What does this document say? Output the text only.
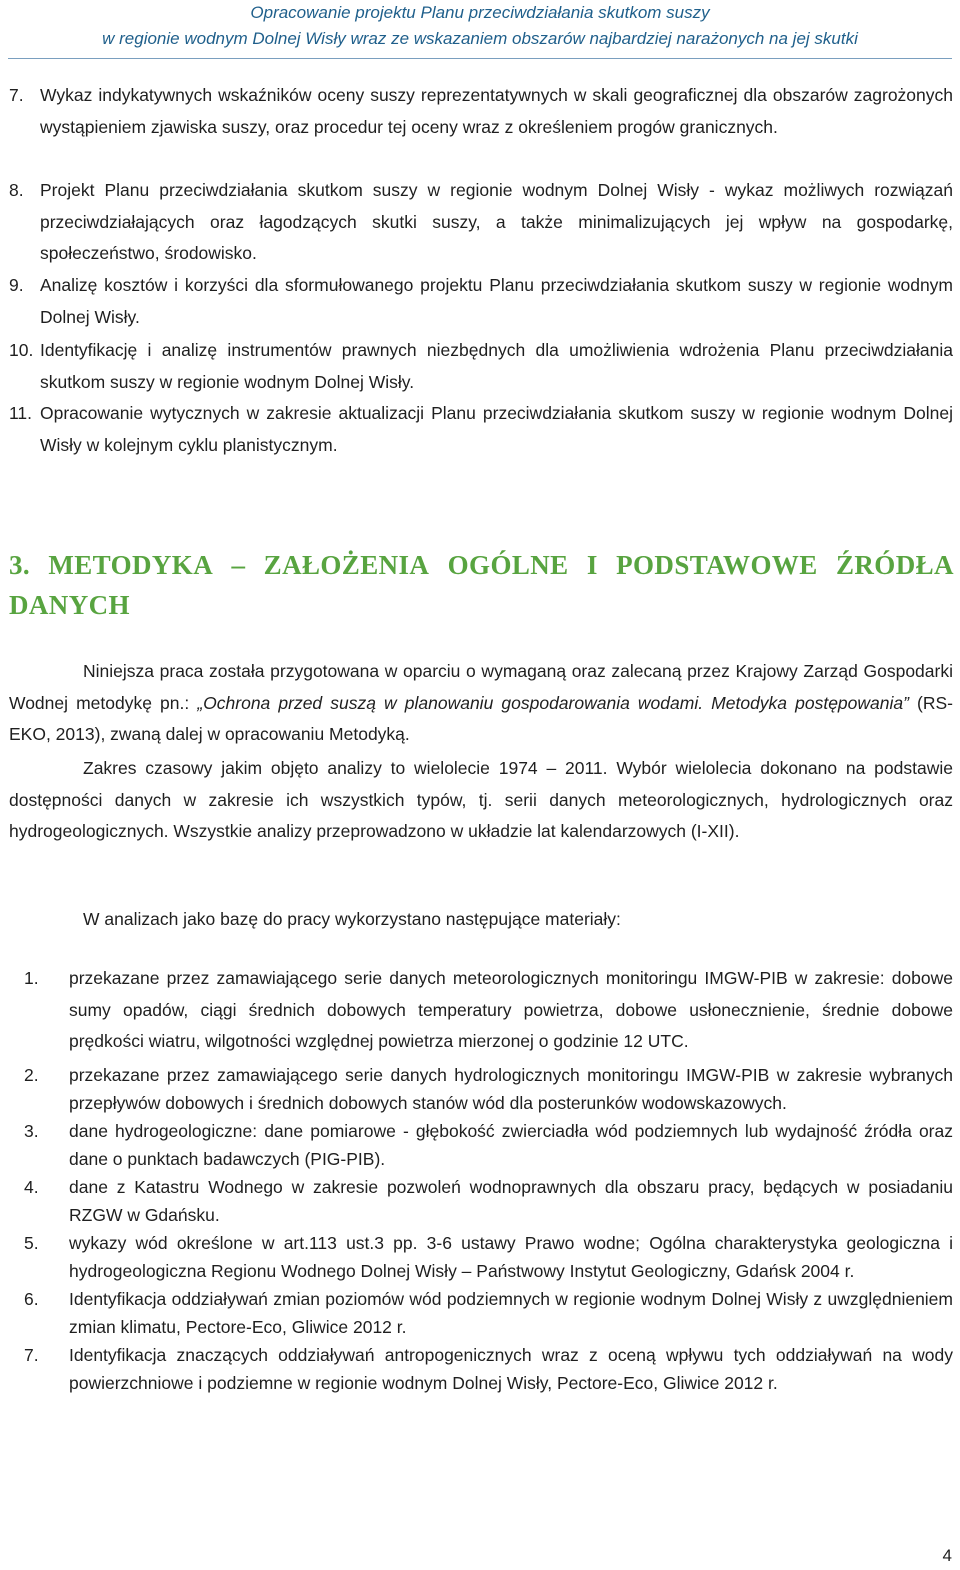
Opracowanie projektu Planu przeciwdziałania skutkom suszy
w regionie wodnym Dolnej Wisły wraz ze wskazaniem obszarów najbardziej narażonych na jej skutki
7. Wykaz indykatywnych wskaźników oceny suszy reprezentatywnych w skali geograficznej dla obszarów zagrożonych wystąpieniem zjawiska suszy, oraz procedur tej oceny wraz z określeniem progów granicznych.
8. Projekt Planu przeciwdziałania skutkom suszy w regionie wodnym Dolnej Wisły - wykaz możliwych rozwiązań przeciwdziałających oraz łagodzących skutki suszy, a także minimalizujących jej wpływ na gospodarkę, społeczeństwo, środowisko.
9. Analizę kosztów i korzyści dla sformułowanego projektu Planu przeciwdziałania skutkom suszy w regionie wodnym Dolnej Wisły.
10. Identyfikację i analizę instrumentów prawnych niezbędnych dla umożliwienia wdrożenia Planu przeciwdziałania skutkom suszy w regionie wodnym Dolnej Wisły.
11. Opracowanie wytycznych w zakresie aktualizacji Planu przeciwdziałania skutkom suszy w regionie wodnym Dolnej Wisły w kolejnym cyklu planistycznym.
3. METODYKA – ZAŁOŻENIA OGÓLNE I PODSTAWOWE ŹRÓDŁA
DANYCH

Niniejsza praca została przygotowana w oparciu o wymaganą oraz zalecaną przez Krajowy Zarząd Gospodarki Wodnej metodykę pn.: „Ochrona przed suszą w planowaniu gospodarowania wodami. Metodyka postępowania” (RS-EKO, 2013), zwaną dalej w opracowaniu Metodyką.

Zakres czasowy jakim objęto analizy to wielolecie 1974 – 2011. Wybór wielolecia dokonano na podstawie dostępności danych w zakresie ich wszystkich typów, tj. serii danych meteorologicznych, hydrologicznych oraz hydrogeologicznych. Wszystkie analizy przeprowadzono w układzie lat kalendarzowych (I-XII).

W analizach jako bazę do pracy wykorzystano następujące materiały:

1. przekazane przez zamawiającego serie danych meteorologicznych monitoringu IMGW-PIB w zakresie: dobowe sumy opadów, ciągi średnich dobowych temperatury powietrza, dobowe usłonecznienie, średnie dobowe prędkości wiatru, wilgotności względnej powietrza mierzonej o godzinie 12 UTC.
2. przekazane przez zamawiającego serie danych hydrologicznych monitoringu IMGW-PIB w zakresie wybranych przepływów dobowych i średnich dobowych stanów wód dla posterunków wodowskazowych.
3. dane hydrogeologiczne: dane pomiarowe - głębokość zwierciadła wód podziemnych lub wydajność źródła oraz dane o punktach badawczych (PIG-PIB).
4. dane z Katastru Wodnego w zakresie pozwoleń wodnoprawnych dla obszaru pracy, będących w posiadaniu RZGW w Gdańsku.
5. wykazy wód określone w art.113 ust.3 pp. 3-6 ustawy Prawo wodne; Ogólna charakterystyka geologiczna i hydrogeologiczna Regionu Wodnego Dolnej Wisły – Państwowy Instytut Geologiczny, Gdańsk 2004 r.
6. Identyfikacja oddziaływań zmian poziomów wód podziemnych w regionie wodnym Dolnej Wisły z uwzględnieniem zmian klimatu, Pectore-Eco, Gliwice 2012 r.
7. Identyfikacja znaczących oddziaływań antropogenicznych wraz z oceną wpływu tych oddziaływań na wody powierzchniowe i podziemne w regionie wodnym Dolnej Wisły, Pectore-Eco, Gliwice 2012 r.
4
